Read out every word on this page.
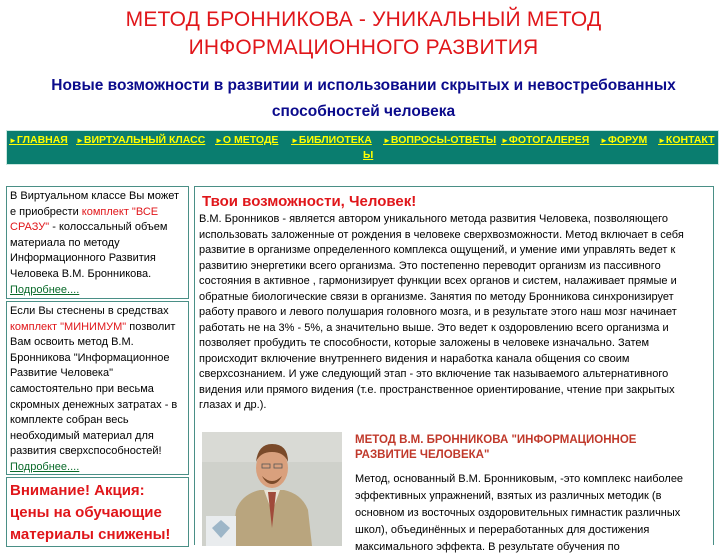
МЕТОД БРОННИКОВА - УНИКАЛЬНЫЙ МЕТОД
ИНФОРМАЦИОННОГО РАЗВИТИЯ
Новые возможности в развитии и использовании скрытых и невостребованных
способностей человека
►ГЛАВНАЯ ►ВИРТУАЛЬНЫЙ КЛАСС ►О МЕТОДЕ ►БИБЛИОТЕКА ►ВОПРОСЫ-ОТВЕТЫ ►ФОТОГАЛЕРЕЯ ►ФОРУМ ►КОНТАКТ
Ы
В Виртуальном классе Вы может е приобрести комплект "ВСЕ СРАЗУ" - колоссальный объем материала по методу Информационного Развития Человека В.М. Бронникова.
Подробнее....
Если Вы стеснены в средствах комплект "МИНИМУМ" позволит Вам освоить метод В.М. Бронникова "Информационное Развитие Человека" самостоятельно при весьма скромных денежных затратах - в комплекте собран весь необходимый материал для развития сверхспособностей!
Подробнее....
Внимание! Акция: цены на обучающие материалы снижены!
Твои возможности, Человек!
В.М. Бронников - является автором уникального метода развития Человека, позволяющего использовать заложенные от рождения в человеке сверхвозможности. Метод включает в себя развитие в организме определенного комплекса ощущений, и умение ими управлять ведет к развитию энергетики всего организма. Это постепенно переводит организм из пассивного состояния в активное , гармонизирует функции всех органов и систем, налаживает прямые и обратные биологические связи в организме. Занятия по методу Бронникова синхронизирует работу правого и левого полушария головного мозга, и в результате этого наш мозг начинает работать не на 3% - 5%, а значительно выше. Это ведет к оздоровлению всего организма и позволяет пробудить те способности, которые заложены в человеке изначально. Затем происходит включение внутреннего видения и наработка канала общения со своим сверхсознанием. И уже следующий этап - это включение так называемого альтернативного видения или прямого видения (т.е. пространственное ориентирование, чтение при закрытых глазах и др.).
МЕТОД В.М. БРОННИКОВА "ИНФОРМАЦИОННОЕ РАЗВИТИЕ ЧЕЛОВЕКА"
Метод, основанный В.М. Бронниковым, -это комплекс наиболее эффективных упражнений, взятых из различных методик (в основном из восточных оздоровительных гимнастик различных школ), объединённых и переработанных для достижения максимального эффекта. В результате обучения по
